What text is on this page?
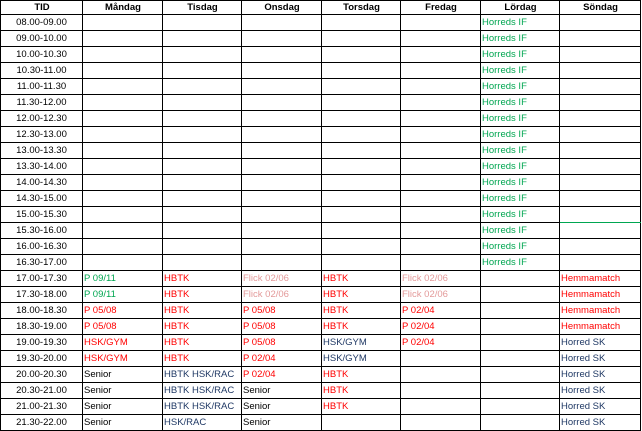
TID	Måndag	Tisdag	Onsdag	Torsdag	Fredag	Lördag	Söndag
08.00-09.00						Horreds IF	
09.00-10.00						Horreds IF	
10.00-10.30						Horreds IF	
10.30-11.00						Horreds IF	
11.00-11.30						Horreds IF	
11.30-12.00						Horreds IF	
12.00-12.30						Horreds IF	
12.30-13.00						Horreds IF	
13.00-13.30						Horreds IF	
13.30-14.00						Horreds IF	
14.00-14.30						Horreds IF	
14.30-15.00						Horreds IF	
15.00-15.30						Horreds IF	
15.30-16.00						Horreds IF	
16.00-16.30						Horreds IF	
16.30-17.00						Horreds IF	
17.00-17.30	P 09/11	HBTK	Flick 02/06	HBTK	Flick 02/06		Hemmamatch
17.30-18.00	P 09/11	HBTK	Flick 02/06	HBTK	Flick 02/06		Hemmamatch
18.00-18.30	P 05/08	HBTK	P 05/08	HBTK	P 02/04		Hemmamatch
18.30-19.00	P 05/08	HBTK	P 05/08	HBTK	P 02/04		Hemmamatch
19.00-19.30	HSK/GYM	HBTK	P 05/08	HSK/GYM	P 02/04		Horred SK
19.30-20.00	HSK/GYM	HBTK	P 02/04	HSK/GYM			Horred SK
20.00-20.30	Senior	HBTK HSK/RAC	P 02/04	HBTK			Horred SK
20.30-21.00	Senior	HBTK HSK/RAC	Senior	HBTK			Horred SK
21.00-21.30	Senior	HBTK HSK/RAC	Senior	HBTK			Horred SK
21.30-22.00	Senior	HSK/RAC	Senior				Horred SK
